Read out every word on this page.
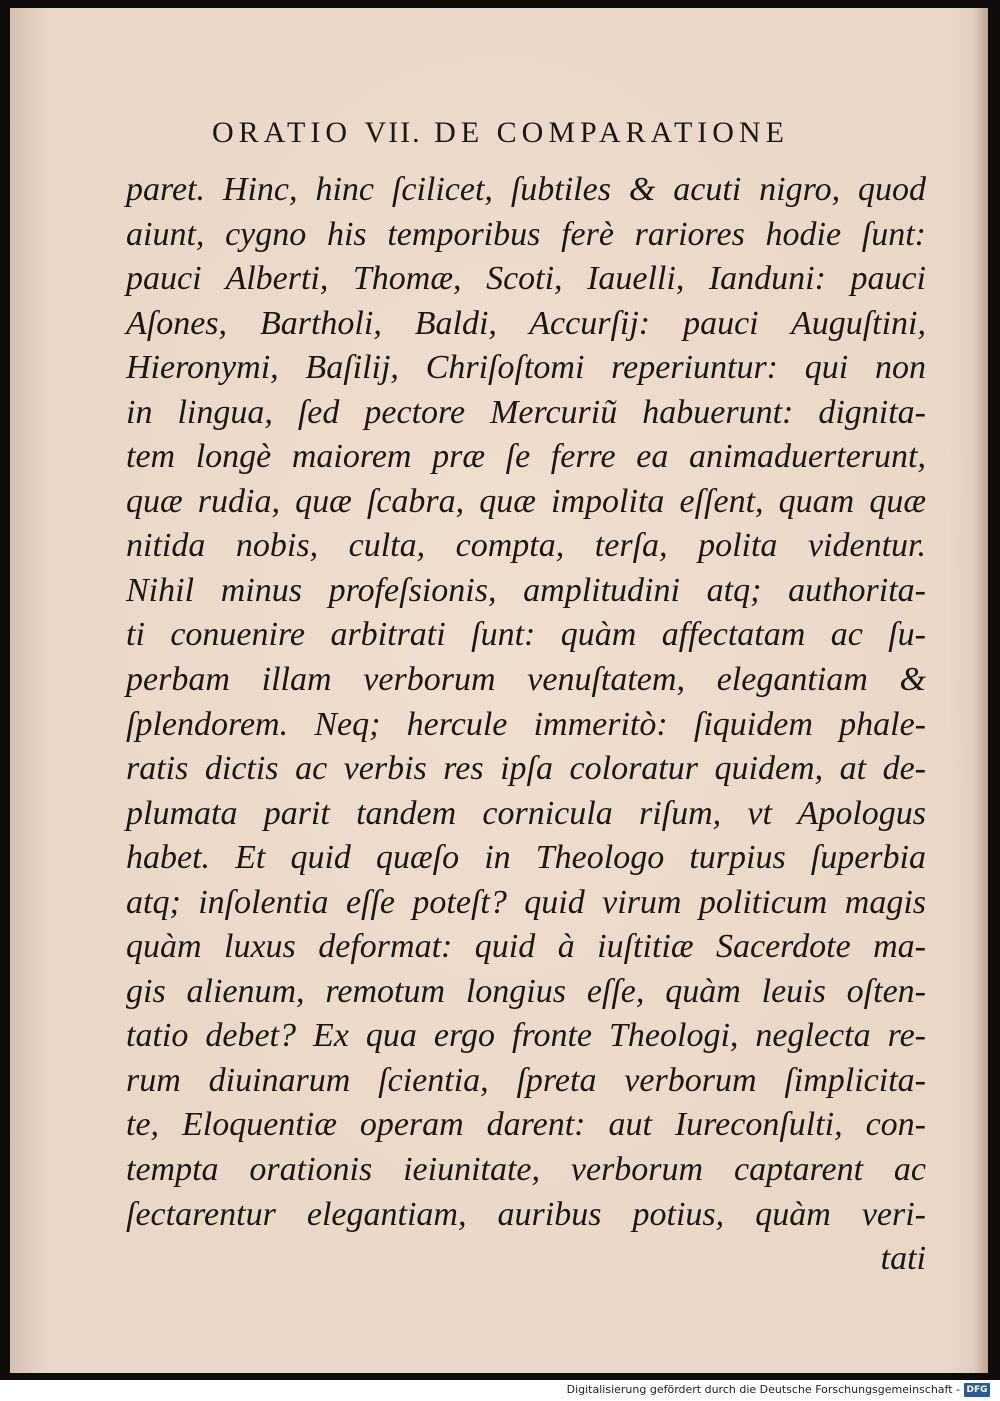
ORATIO VII. DE COMPARATIONE
paret. Hinc, hinc ſcilicet, ſubtiles & acuti nigro, quod
aiunt, cygno his temporibus ferè rariores hodie ſunt:
pauci Alberti, Thomæ, Scoti, Iauelli, Ianduni: pauci
Aſones, Bartholi, Baldi, Accurſij: pauci Auguſtini,
Hieronymi, Baſilij, Chriſoſtomi reperiuntur: qui non
in lingua, ſed pectore Mercuriũ habuerunt: dignita-
tem longè maiorem præ ſe ferre ea animaduerterunt,
quæ rudia, quæ ſcabra, quæ impolita eſſent, quam quæ
nitida nobis, culta, compta, terſa, polita videntur.
Nihil minus profeſsionis, amplitudini atq; authorita-
ti conuenire arbitrati ſunt: quàm affectatam ac ſu-
perbam illam verborum venuſtatem, elegantiam &
ſplendorem. Neq; hercule immeritò: ſiquidem phale-
ratis dictis ac verbis res ipſa coloratur quidem, at de-
plumata parit tandem cornicula riſum, vt Apologus
habet. Et quid quæſo in Theologo turpius ſuperbia
atq; inſolentia eſſe poteſt? quid virum politicum magis
quàm luxus deformat: quid à iuſtitiæ Sacerdote ma-
gis alienum, remotum longius eſſe, quàm leuis oſten-
tatio debet? Ex qua ergo fronte Theologi, neglecta re-
rum diuinarum ſcientia, ſpreta verborum ſimplicita-
te, Eloquentiæ operam darent: aut Iureconſulti, con-
tempta orationis ieiunitate, verborum captarent ac
ſectarentur elegantiam, auribus potius, quàm veri-
tati
Digitalisierung gefördert durch die Deutsche Forschungsgemeinschaft - DFG
